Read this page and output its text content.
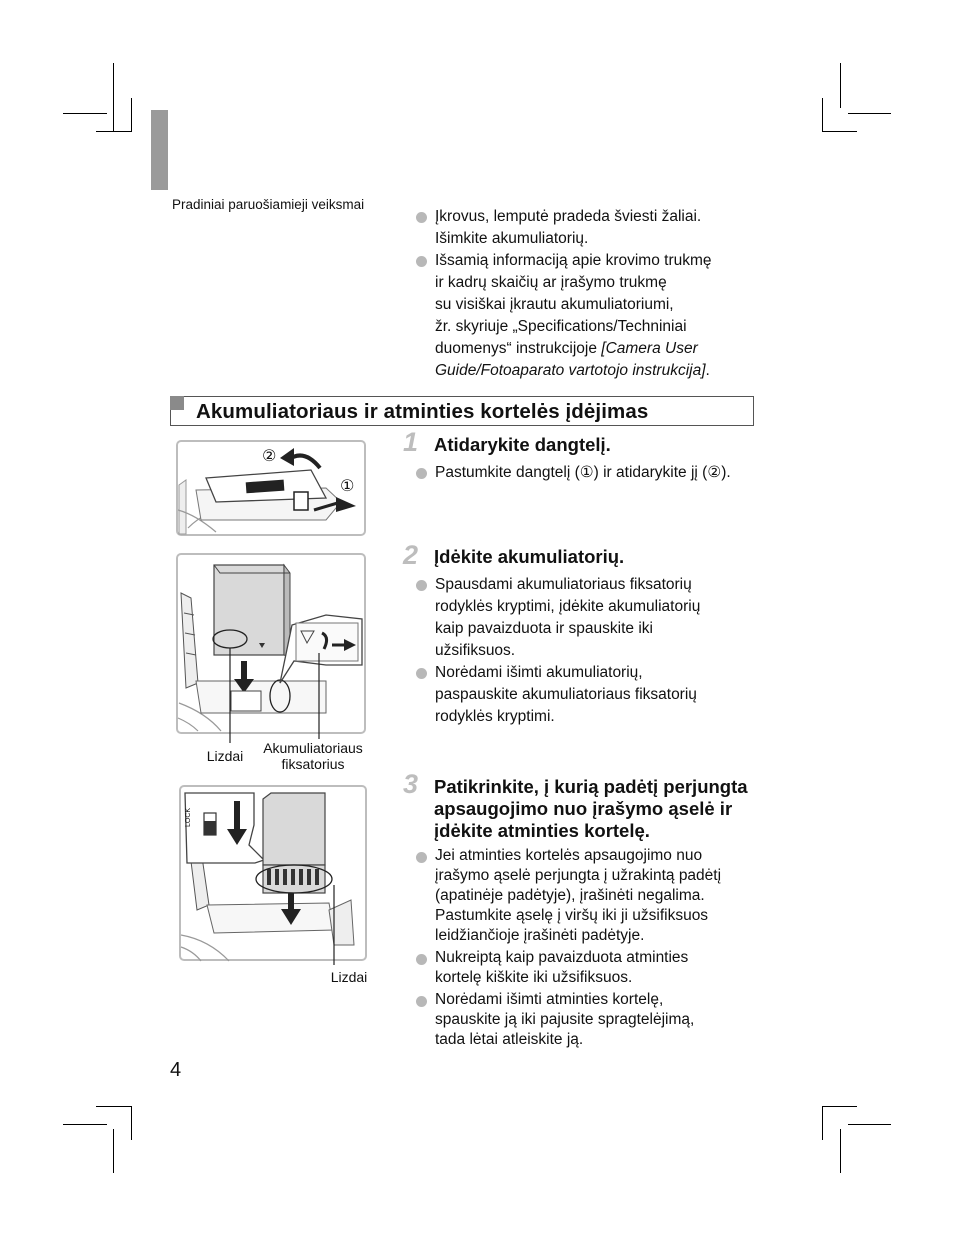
Pradiniai paruošiamieji veiksmai
Įkrovus, lemputė pradeda šviesti žaliai.
Išimkite akumuliatorių.
Išsamią informaciją apie krovimo trukmę
ir kadrų skaičių ar įrašymo trukmę
su visiškai įkrautu akumuliatoriumi,
žr. skyriuje „Specifications/Techniniai
duomenys“ instrukcijoje [Camera User
Guide/Fotoaparato vartotojo instrukcija].
Akumuliatoriaus ir atminties kortelės įdėjimas
1 Atidarykite dangtelį.
Pastumkite dangtelį (①) ir atidarykite jį (②).
②
①
2 Įdėkite akumuliatorių.
Spausdami akumuliatoriaus fiksatorių
rodyklės kryptimi, įdėkite akumuliatorių
kaip pavaizduota ir spauskite iki
užsifiksuos.
Norėdami išimti akumuliatorių,
paspauskite akumuliatoriaus fiksatorių
rodyklės kryptimi.
Lizdai	Akumuliatoriaus
fiksatorius
3 Patikrinkite, į kurią padėtį perjungta
apsaugojimo nuo įrašymo ąselė ir
įdėkite atminties kortelę.
Jei atminties kortelės apsaugojimo nuo
įrašymo ąselė perjungta į užrakintą padėtį
(apatinėje padėtyje), įrašinėti negalima.
Pastumkite ąselę į viršų iki ji užsifiksuos
leidžiančioje įrašinėti padėtyje.
Nukreiptą kaip pavaizduota atminties
kortelę kiškite iki užsifiksuos.
Norėdami išimti atminties kortelę,
spauskite ją iki pajusite spragtelėjimą,
tada lėtai atleiskite ją.
LOCK
Lizdai
4
